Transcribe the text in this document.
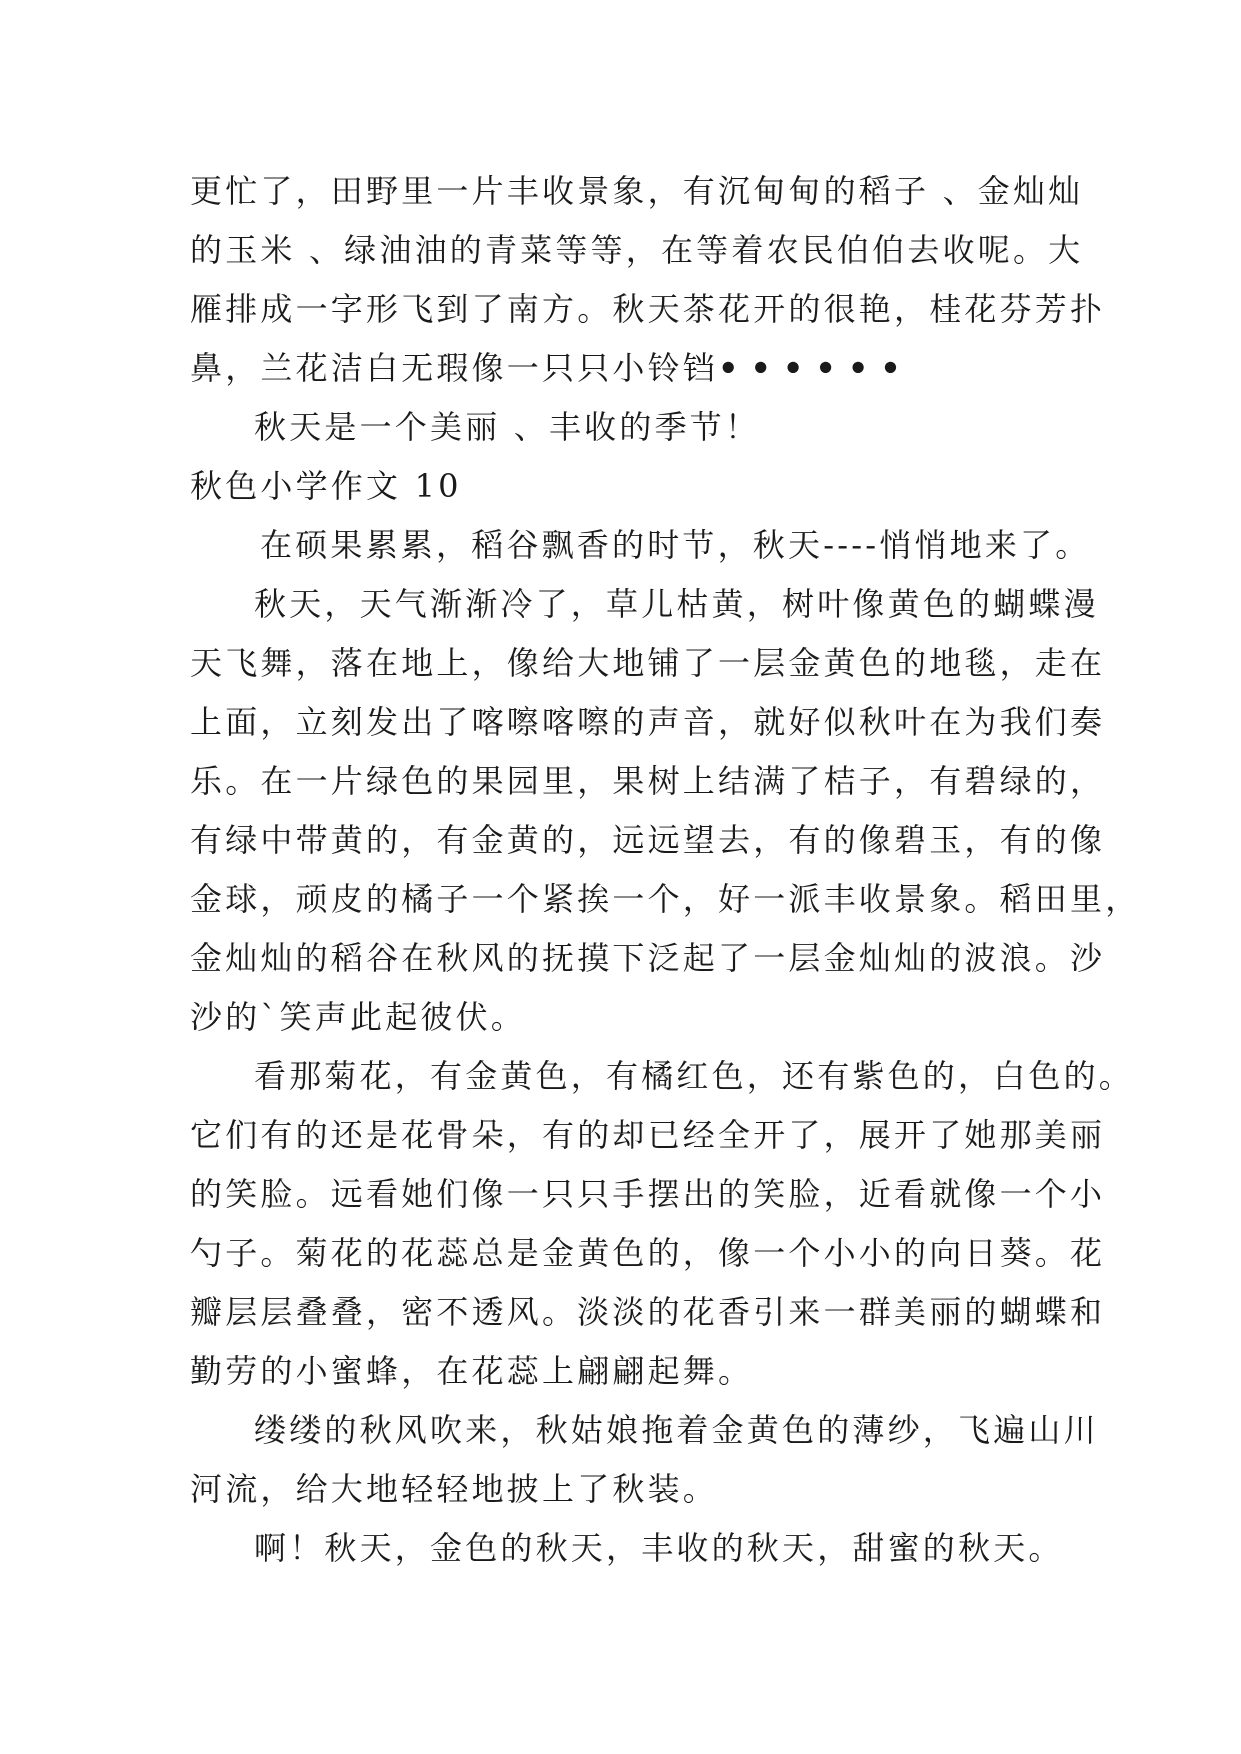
更忙了，田野里一片丰收景象，有沉甸甸的稻子 、金灿灿
的玉米 、绿油油的青菜等等，在等着农民伯伯去收呢。大
雁排成一字形飞到了南方。秋天茶花开的很艳，桂花芬芳扑
鼻，兰花洁白无瑕像一只只小铃铛••••••
秋天是一个美丽 、丰收的季节！
秋色小学作文 10
在硕果累累，稻谷飘香的时节，秋天----悄悄地来了。
秋天，天气渐渐冷了，草儿枯黄，树叶像黄色的蝴蝶漫
天飞舞，落在地上，像给大地铺了一层金黄色的地毯，走在
上面，立刻发出了喀嚓喀嚓的声音，就好似秋叶在为我们奏
乐。在一片绿色的果园里，果树上结满了桔子，有碧绿的，
有绿中带黄的，有金黄的，远远望去，有的像碧玉，有的像
金球，顽皮的橘子一个紧挨一个，好一派丰收景象。稻田里，
金灿灿的稻谷在秋风的抚摸下泛起了一层金灿灿的波浪。沙
沙的`笑声此起彼伏。
看那菊花，有金黄色，有橘红色，还有紫色的，白色的。
它们有的还是花骨朵，有的却已经全开了，展开了她那美丽
的笑脸。远看她们像一只只手摆出的笑脸，近看就像一个小
勺子。菊花的花蕊总是金黄色的，像一个小小的向日葵。花
瓣层层叠叠，密不透风。淡淡的花香引来一群美丽的蝴蝶和
勤劳的小蜜蜂，在花蕊上翩翩起舞。
缕缕的秋风吹来，秋姑娘拖着金黄色的薄纱，飞遍山川
河流，给大地轻轻地披上了秋装。
啊！秋天，金色的秋天，丰收的秋天，甜蜜的秋天。
